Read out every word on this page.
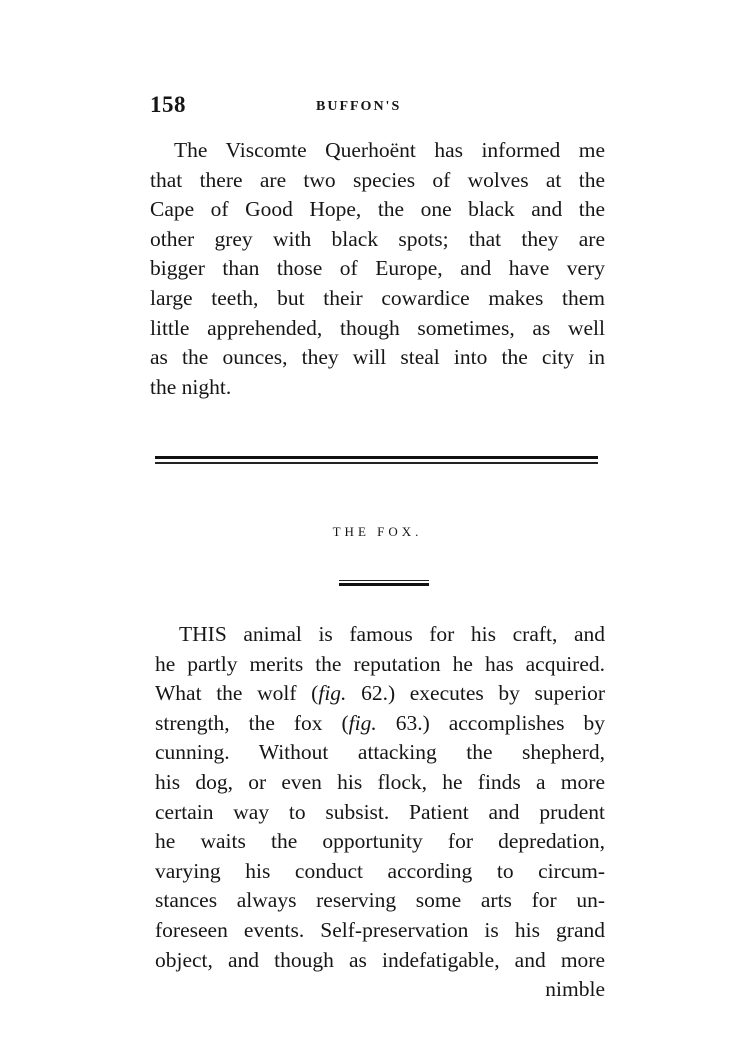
158	BUFFON'S
The Viscomte Querhoënt has informed me
that there are two species of wolves at the
Cape of Good Hope, the one black and the
other grey with black spots; that they are
bigger than those of Europe, and have very
large teeth, but their cowardice makes them
little apprehended, though sometimes, as well
as the ounces, they will steal into the city in
the night.
THE FOX.
THIS animal is famous for his craft, and
he partly merits the reputation he has acquired.
What the wolf (fig. 62.) executes by superior
strength, the fox (fig. 63.) accomplishes by
cunning. Without attacking the shepherd,
his dog, or even his flock, he finds a more
certain way to subsist. Patient and prudent
he waits the opportunity for depredation,
varying his conduct according to circum-
stances always reserving some arts for un-
foreseen events. Self-preservation is his grand
object, and though as indefatigable, and more
nimble
